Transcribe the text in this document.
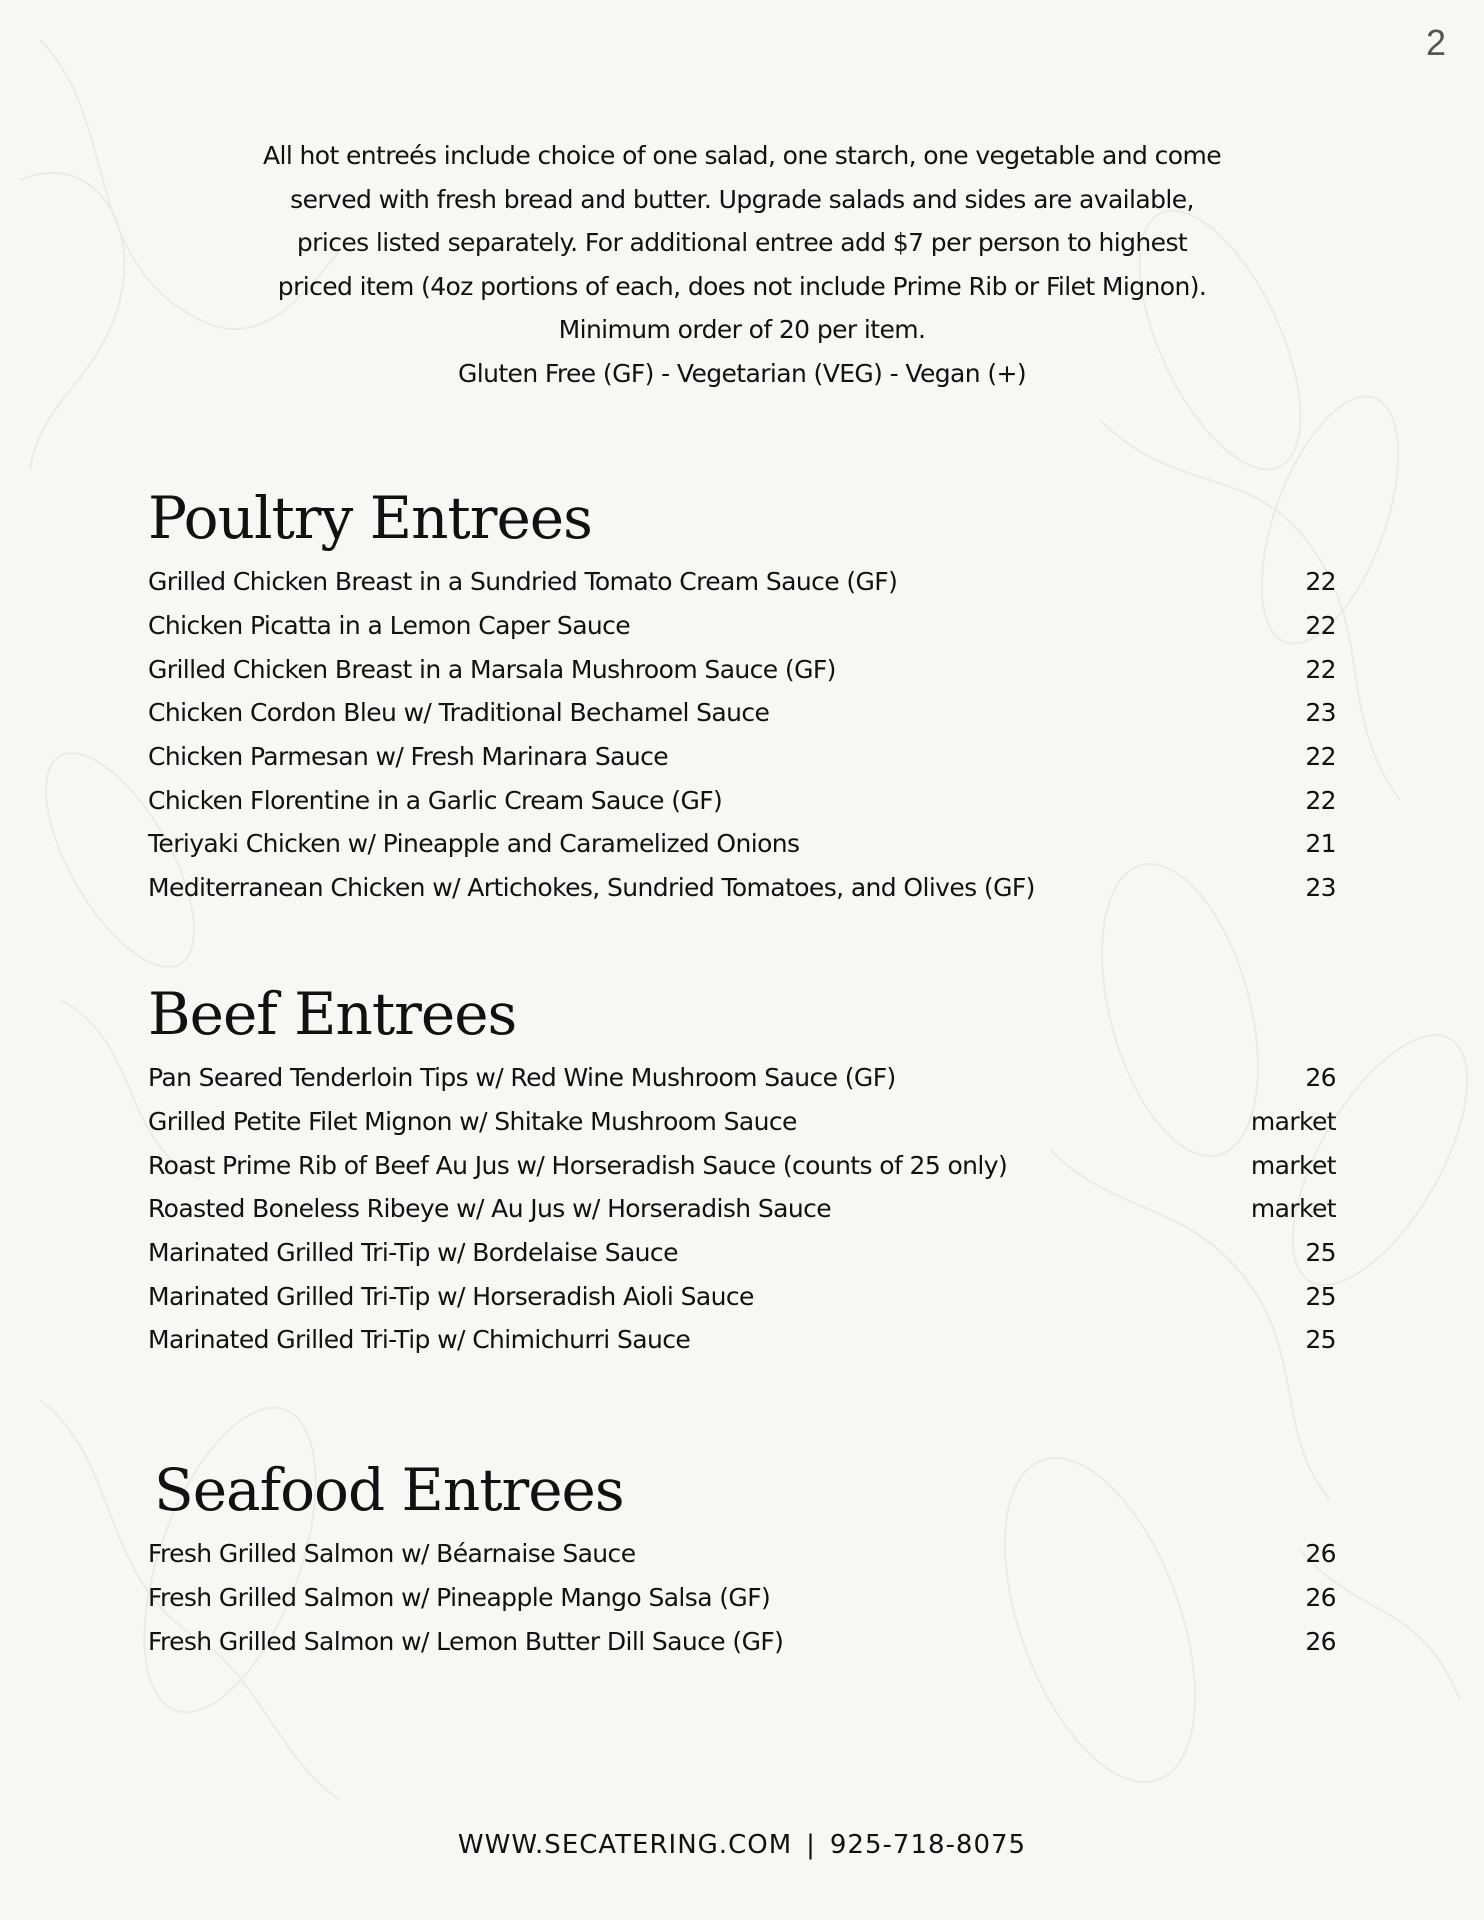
2
All hot entreés include choice of one salad, one starch, one vegetable and come
served with fresh bread and butter. Upgrade salads and sides are available,
prices listed separately. For additional entree add $7 per person to highest
priced item (4oz portions of each, does not include Prime Rib or Filet Mignon).
Minimum order of 20 per item.
Gluten Free (GF) - Vegetarian (VEG) - Vegan (+)
Poultry Entrees
Grilled Chicken Breast in a Sundried Tomato Cream Sauce (GF)	22
Chicken Picatta in a Lemon Caper Sauce	22
Grilled Chicken Breast in a Marsala Mushroom Sauce (GF)	22
Chicken Cordon Bleu w/ Traditional Bechamel Sauce	23
Chicken Parmesan w/ Fresh Marinara Sauce	22
Chicken Florentine in a Garlic Cream Sauce (GF)	22
Teriyaki Chicken w/ Pineapple and Caramelized Onions	21
Mediterranean Chicken w/ Artichokes, Sundried Tomatoes, and Olives (GF)	23
Beef Entrees
Pan Seared Tenderloin Tips w/ Red Wine Mushroom Sauce (GF)	26
Grilled Petite Filet Mignon w/ Shitake Mushroom Sauce	market
Roast Prime Rib of Beef Au Jus w/ Horseradish Sauce (counts of 25 only)	market
Roasted Boneless Ribeye w/ Au Jus w/ Horseradish Sauce	market
Marinated Grilled Tri-Tip w/ Bordelaise Sauce	25
Marinated Grilled Tri-Tip w/ Horseradish Aioli Sauce	25
Marinated Grilled Tri-Tip w/ Chimichurri Sauce	25
Seafood Entrees
Fresh Grilled Salmon w/ Béarnaise Sauce	26
Fresh Grilled Salmon w/ Pineapple Mango Salsa (GF)	26
Fresh Grilled Salmon w/ Lemon Butter Dill Sauce (GF)	26
WWW.SECATERING.COM | 925-718-8075
